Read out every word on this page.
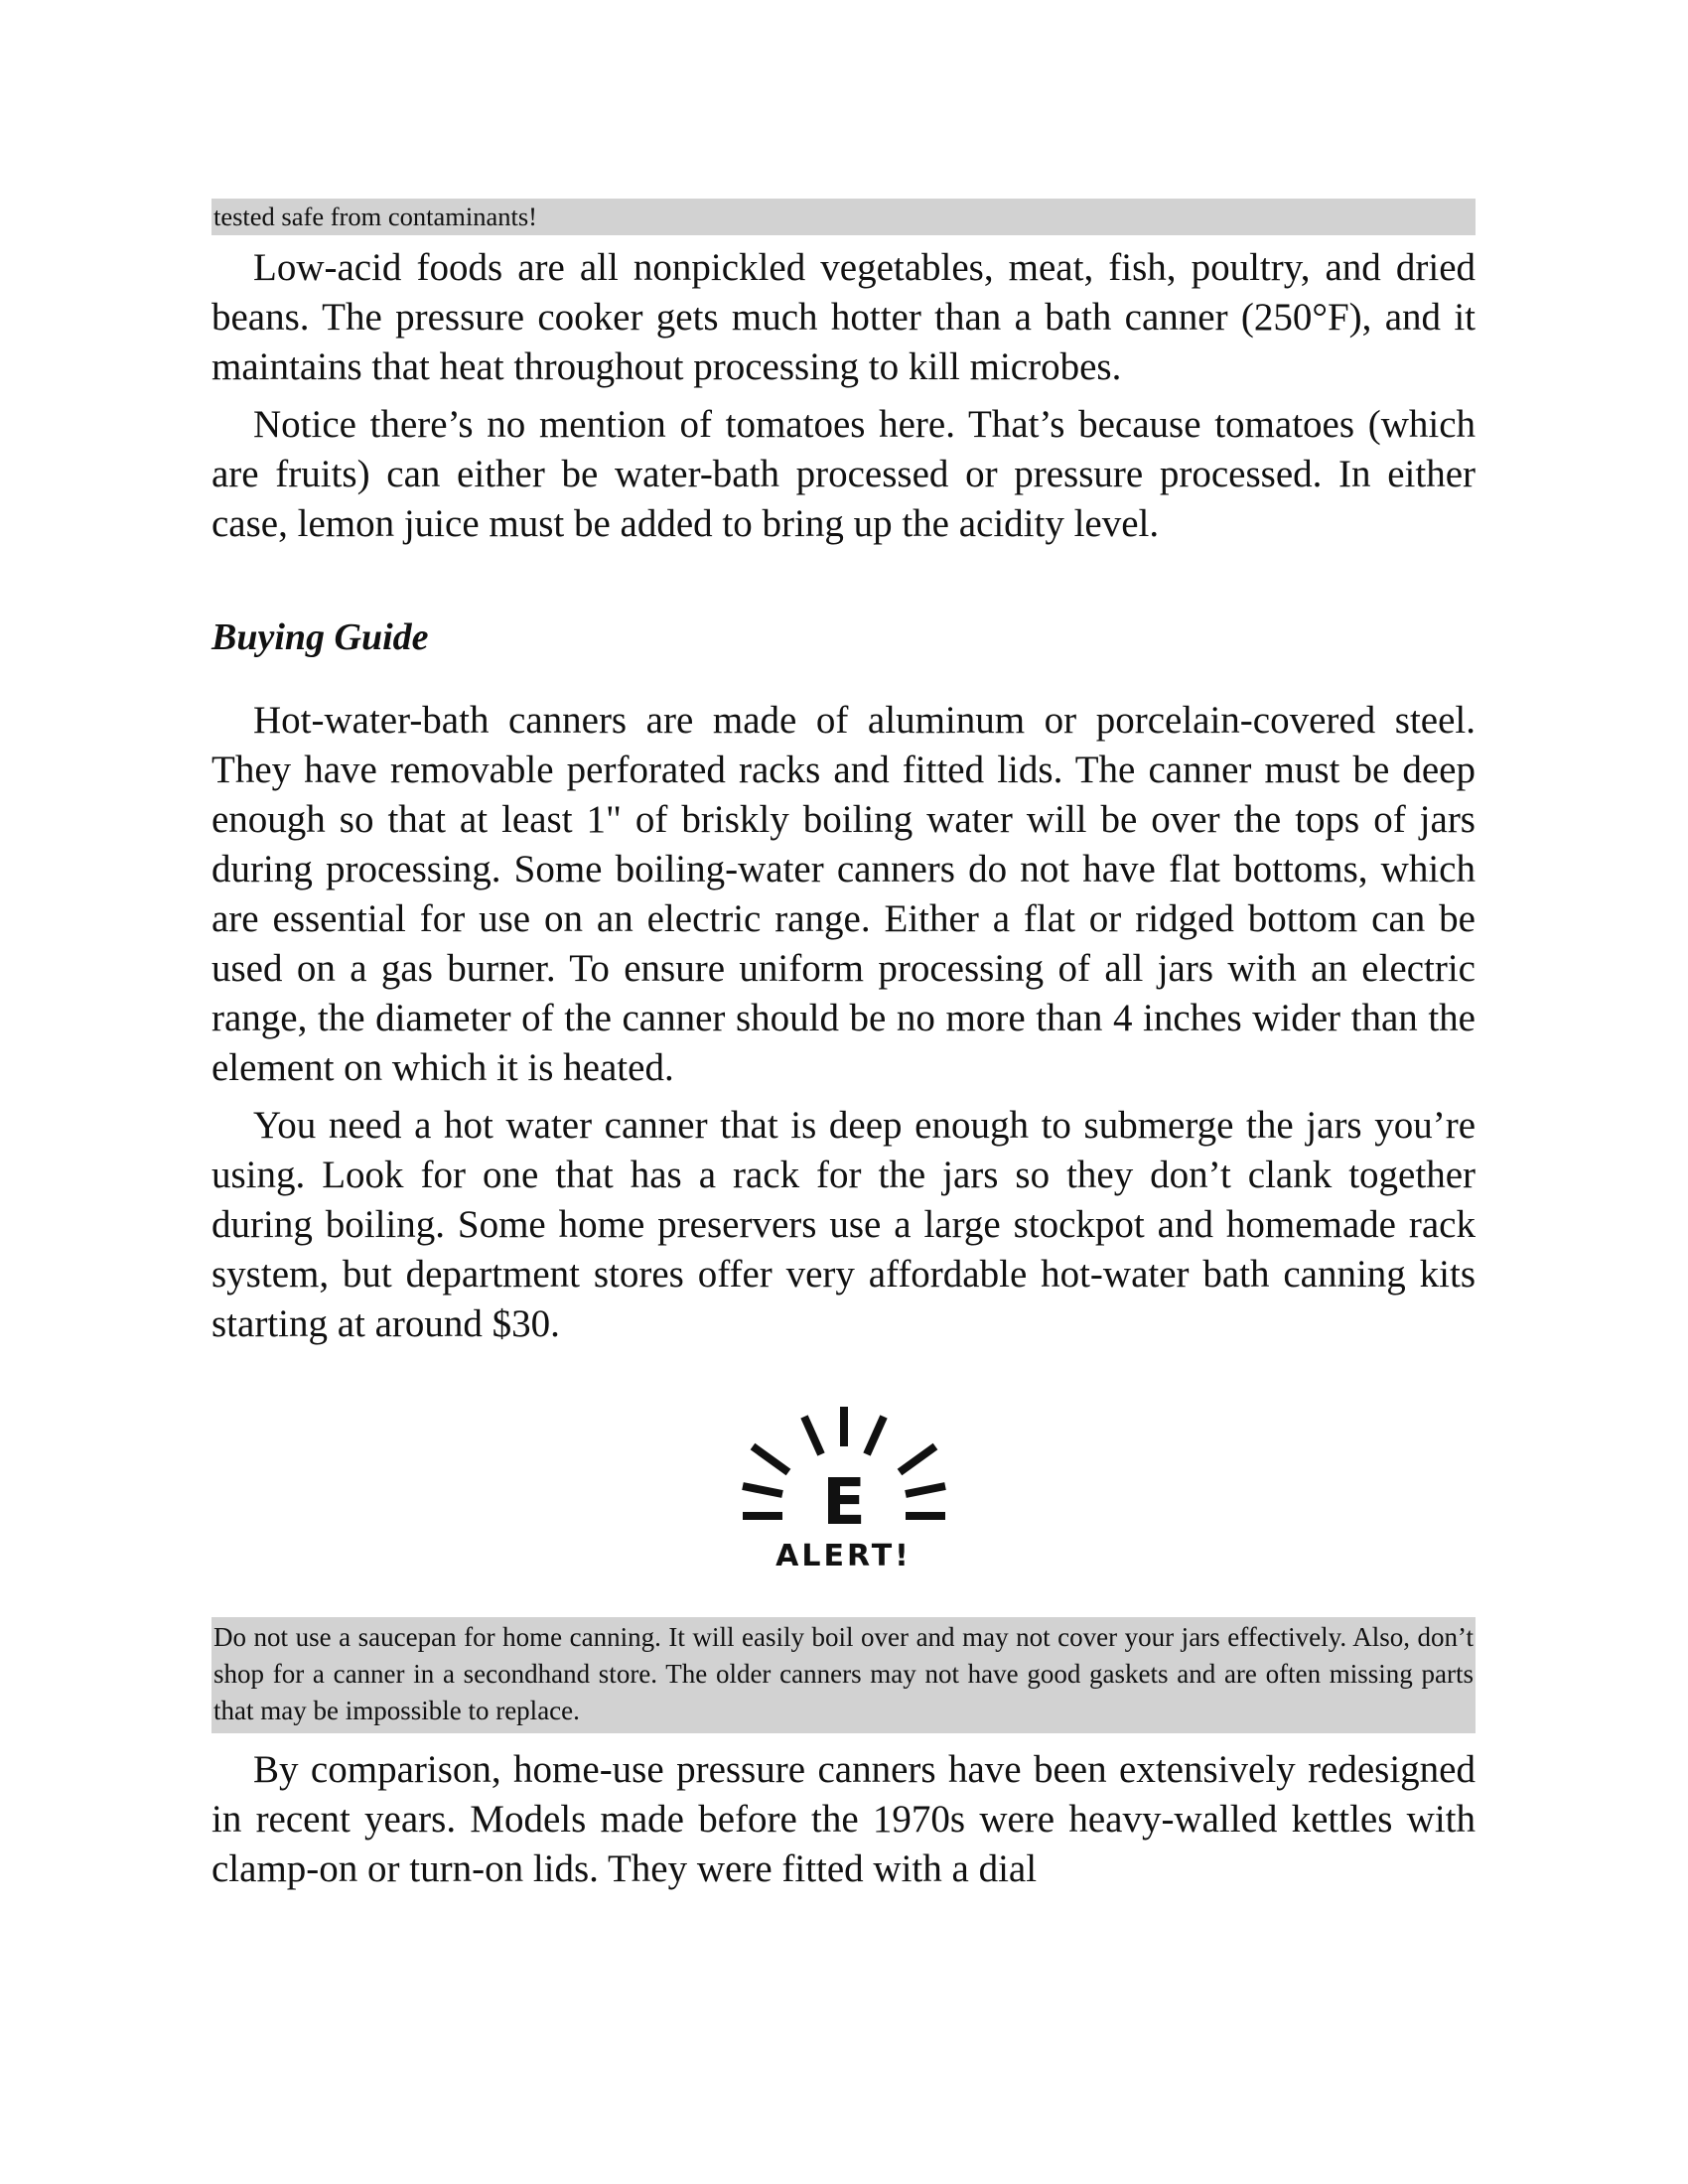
tested safe from contaminants!

Low-acid foods are all nonpickled vegetables, meat, fish, poultry, and dried beans. The pressure cooker gets much hotter than a bath canner (250°F), and it maintains that heat throughout processing to kill microbes.

Notice there’s no mention of tomatoes here. That’s because tomatoes (which are fruits) can either be water-bath processed or pressure processed. In either case, lemon juice must be added to bring up the acidity level.

Buying Guide

Hot-water-bath canners are made of aluminum or porcelain-covered steel. They have removable perforated racks and fitted lids. The canner must be deep enough so that at least 1" of briskly boiling water will be over the tops of jars during processing. Some boiling-water canners do not have flat bottoms, which are essential for use on an electric range. Either a flat or ridged bottom can be used on a gas burner. To ensure uniform processing of all jars with an electric range, the diameter of the canner should be no more than 4 inches wider than the element on which it is heated.

You need a hot water canner that is deep enough to submerge the jars you’re using. Look for one that has a rack for the jars so they don’t clank together during boiling. Some home preservers use a large stockpot and homemade rack system, but department stores offer very affordable hot-water bath canning kits starting at around $30.

E
ALERT!
Do not use a saucepan for home canning. It will easily boil over and may not cover your jars effectively. Also, don’t shop for a canner in a secondhand store. The older canners may not have good gaskets and are often missing parts that may be impossible to replace.

By comparison, home-use pressure canners have been extensively redesigned in recent years. Models made before the 1970s were heavy-walled kettles with clamp-on or turn-on lids. They were fitted with a dial
